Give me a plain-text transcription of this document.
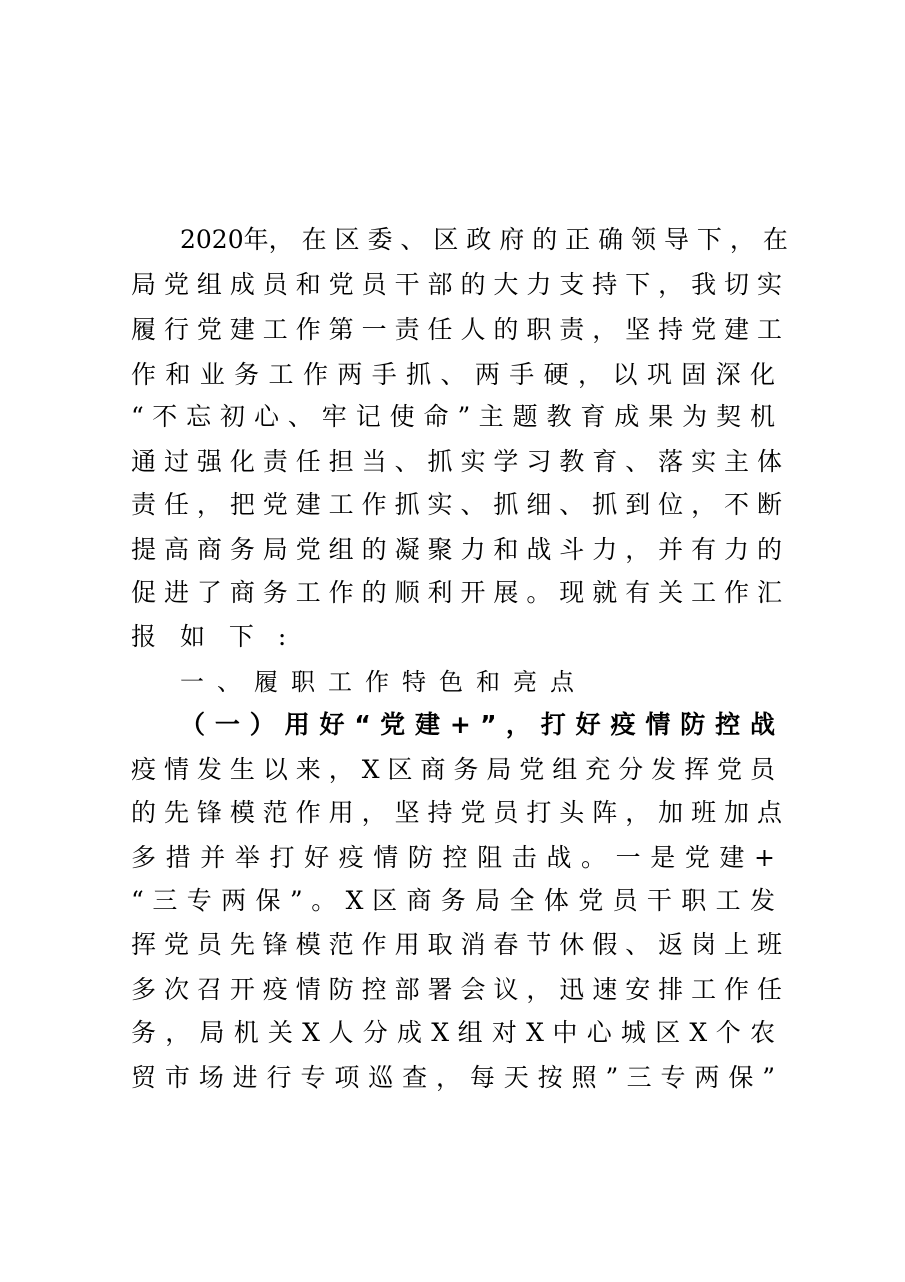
2020年， 在 区 委 、 区 政 府 的 正 确 领 导 下 ， 在
局 党 组 成 员 和 党 员 干 部 的 大 力 支 持 下 ， 我 切 实
履 行 党 建 工 作 第 一 责 任 人 的 职 责 ， 坚 持 党 建 工
作 和 业 务 工 作 两 手 抓 、 两 手 硬 ， 以 巩 固 深 化
“ 不 忘 初 心 、 牢 记 使 命 ” 主 题 教 育 成 果 为 契 机
通 过 强 化 责 任 担 当 、 抓 实 学 习 教 育 、 落 实 主 体
责 任 ， 把 党 建 工 作 抓 实 、 抓 细 、 抓 到 位 ， 不 断
提 高 商 务 局 党 组 的 凝 聚 力 和 战 斗 力 ， 并 有 力 的
促 进 了 商 务 工 作 的 顺 利 开 展 。 现 就 有 关 工 作 汇
报 如 下 :
一、履职工作特色和亮点
（ 一 ） 用 好 “ 党 建 + ” ， 打 好 疫 情 防 控 战
疫 情 发 生 以 来 ， X 区 商 务 局 党 组 充 分 发 挥 党 员
的 先 锋 模 范 作 用 ， 坚 持 党 员 打 头 阵 ， 加 班 加 点
多 措 并 举 打 好 疫 情 防 控 阻 击 战 。 一 是 党 建 +
“ 三 专 两 保 ” 。 X 区 商 务 局 全 体 党 员 干 职 工 发
挥 党 员 先 锋 模 范 作 用 取 消 春 节 休 假 、 返 岗 上 班
多 次 召 开 疫 情 防 控 部 署 会 议 ， 迅 速 安 排 工 作 任
务 ， 局 机 关 X 人 分 成 X 组 对 X 中 心 城 区 X 个 农
贸 市 场 进 行 专 项 巡 查 ， 每 天 按 照 ” 三 专 两 保 ”
